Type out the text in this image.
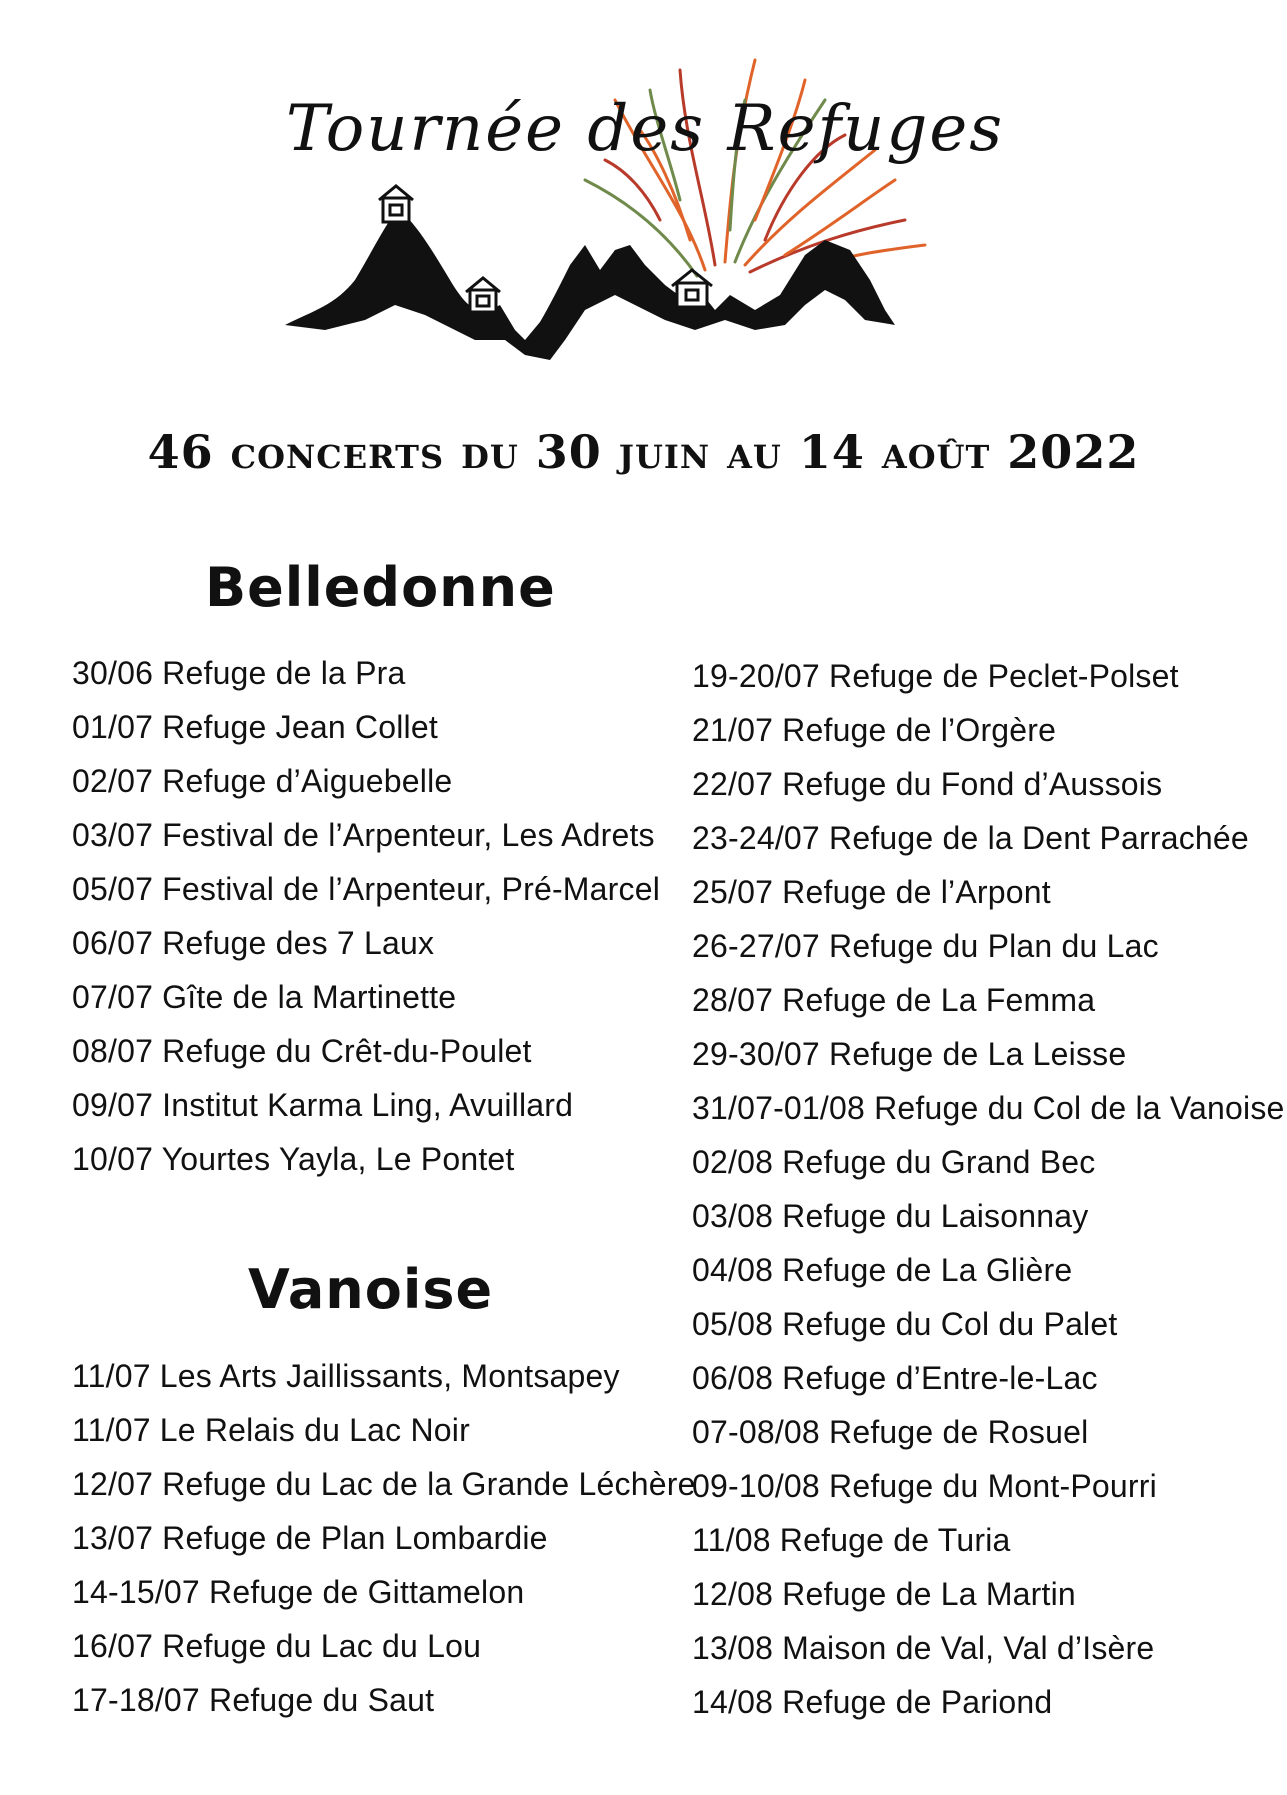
Tournée des Refuges
46 concerts du 30 juin au 14 août 2022
Belledonne
30/06 Refuge de la Pra
01/07 Refuge Jean Collet
02/07 Refuge d’Aiguebelle
03/07 Festival de l’Arpenteur, Les Adrets
05/07 Festival de l’Arpenteur, Pré-Marcel
06/07 Refuge des 7 Laux
07/07 Gîte de la Martinette
08/07 Refuge du Crêt-du-Poulet
09/07 Institut Karma Ling, Avuillard
10/07 Yourtes Yayla, Le Pontet
Vanoise
11/07 Les Arts Jaillissants, Montsapey
11/07 Le Relais du Lac Noir
12/07 Refuge du Lac de la Grande Léchère
13/07 Refuge de Plan Lombardie
14-15/07 Refuge de Gittamelon
16/07 Refuge du Lac du Lou
17-18/07 Refuge du Saut
19-20/07 Refuge de Peclet-Polset
21/07 Refuge de l’Orgère
22/07 Refuge du Fond d’Aussois
23-24/07 Refuge de la Dent Parrachée
25/07 Refuge de l’Arpont
26-27/07 Refuge du Plan du Lac
28/07 Refuge de La Femma
29-30/07 Refuge de La Leisse
31/07-01/08 Refuge du Col de la Vanoise
02/08 Refuge du Grand Bec
03/08 Refuge du Laisonnay
04/08 Refuge de La Glière
05/08 Refuge du Col du Palet
06/08 Refuge d’Entre-le-Lac
07-08/08 Refuge de Rosuel
09-10/08 Refuge du Mont-Pourri
11/08 Refuge de Turia
12/08 Refuge de La Martin
13/08 Maison de Val, Val d’Isère
14/08 Refuge de Pariond
